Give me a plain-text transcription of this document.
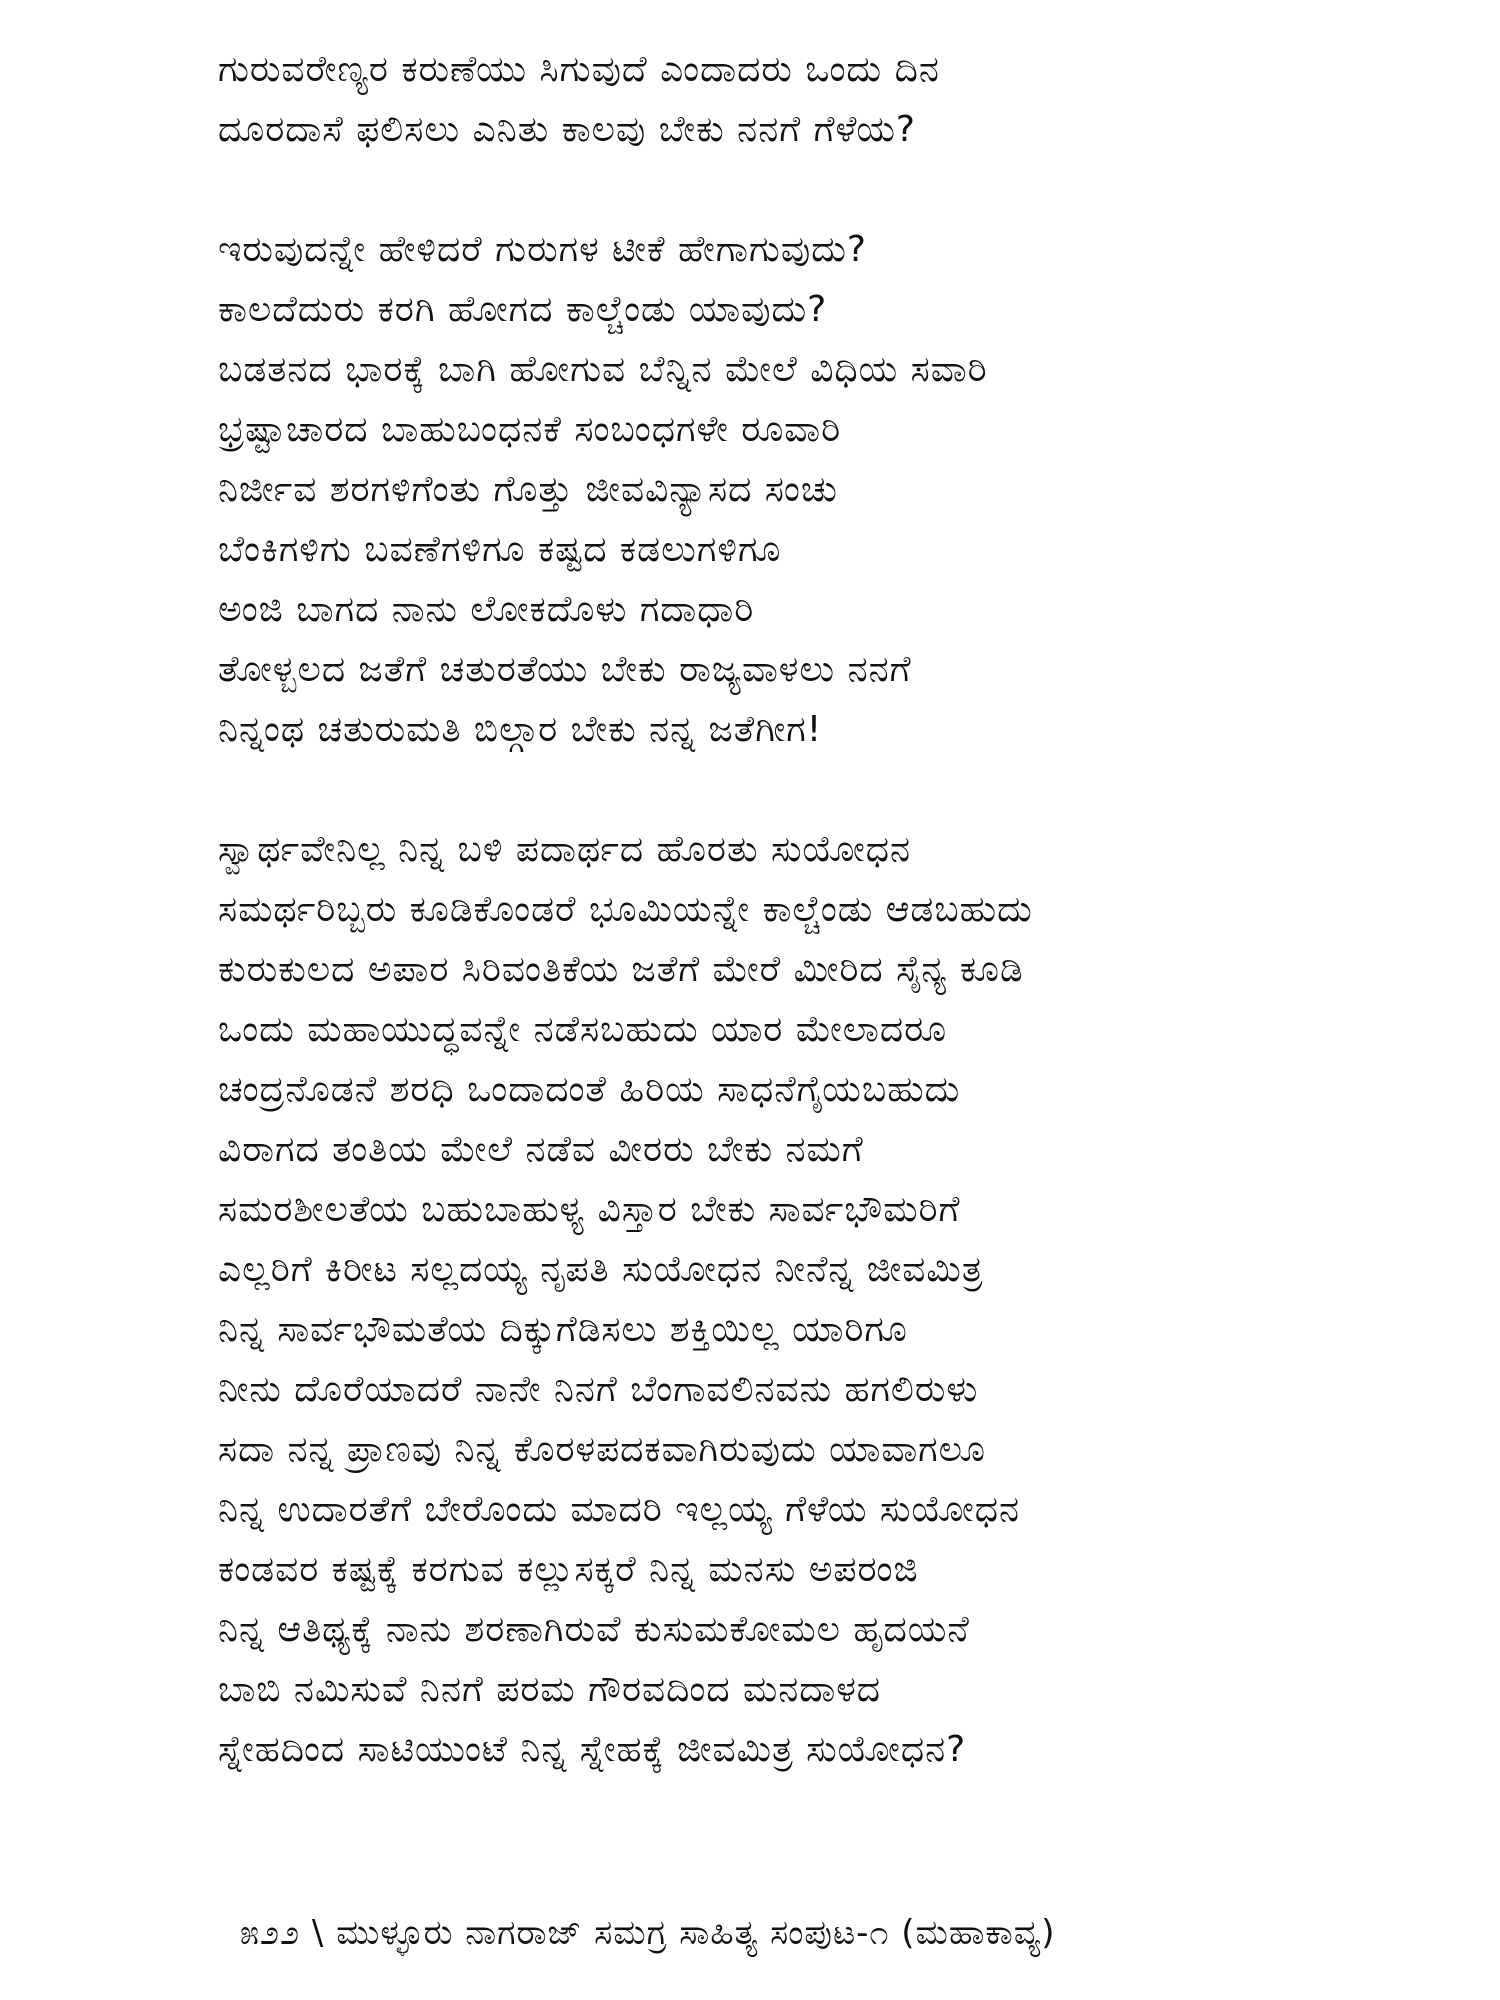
ಗುರುವರೇಣ್ಯರ ಕರುಣೆಯು ಸಿಗುವುದೆ ಎಂದಾದರು ಒಂದು ದಿನ
ದೂರದಾಸೆ ಫಲಿಸಲು ಎನಿತು ಕಾಲವು ಬೇಕು ನನಗೆ ಗೆಳೆಯ?
ಇರುವುದನ್ನೇ ಹೇಳಿದರೆ ಗುರುಗಳ ಟೀಕೆ ಹೇಗಾಗುವುದು?
ಕಾಲದೆದುರು ಕರಗಿ ಹೋಗದ ಕಾಲ್ಚೆಂಡು ಯಾವುದು?
ಬಡತನದ ಭಾರಕ್ಕೆ ಬಾಗಿ ಹೋಗುವ ಬೆನ್ನಿನ ಮೇಲೆ ವಿಧಿಯ ಸವಾರಿ
ಭ್ರಷ್ಟಾಚಾರದ ಬಾಹುಬಂಧನಕೆ ಸಂಬಂಧಗಳೇ ರೂವಾರಿ
ನಿರ್ಜೀವ ಶರಗಳಿಗೆಂತು ಗೊತ್ತು ಜೀವವಿನ್ಯಾಸದ ಸಂಚು
ಬೆಂಕಿಗಳಿಗು ಬವಣೆಗಳಿಗೂ ಕಷ್ಟದ ಕಡಲುಗಳಿಗೂ
ಅಂಜಿ ಬಾಗದ ನಾನು ಲೋಕದೊಳು ಗದಾಧಾರಿ
ತೋಳ್ಬಲದ ಜತೆಗೆ ಚತುರತೆಯು ಬೇಕು ರಾಜ್ಯವಾಳಲು ನನಗೆ
ನಿನ್ನಂಥ ಚತುರುಮತಿ ಬಿಲ್ಗಾರ ಬೇಕು ನನ್ನ ಜತೆಗೀಗ!
ಸ್ವಾರ್ಥವೇನಿಲ್ಲ ನಿನ್ನ ಬಳಿ ಪದಾರ್ಥದ ಹೊರತು ಸುಯೋಧನ
ಸಮರ್ಥರಿಬ್ಬರು ಕೂಡಿಕೊಂಡರೆ ಭೂಮಿಯನ್ನೇ ಕಾಲ್ಚೆಂಡು ಆಡಬಹುದು
ಕುರುಕುಲದ ಅಪಾರ ಸಿರಿವಂತಿಕೆಯ ಜತೆಗೆ ಮೇರೆ ಮೀರಿದ ಸೈನ್ಯ ಕೂಡಿ
ಒಂದು ಮಹಾಯುದ್ಧವನ್ನೇ ನಡೆಸಬಹುದು ಯಾರ ಮೇಲಾದರೂ
ಚಂದ್ರನೊಡನೆ ಶರಧಿ ಒಂದಾದಂತೆ ಹಿರಿಯ ಸಾಧನೆಗೈಯಬಹುದು
ವಿರಾಗದ ತಂತಿಯ ಮೇಲೆ ನಡೆವ ವೀರರು ಬೇಕು ನಮಗೆ
ಸಮರಶೀಲತೆಯ ಬಹುಬಾಹುಳ್ಯ ವಿಸ್ತಾರ ಬೇಕು ಸಾರ್ವಭೌಮರಿಗೆ
ಎಲ್ಲರಿಗೆ ಕಿರೀಟ ಸಲ್ಲದಯ್ಯ ನೃಪತಿ ಸುಯೋಧನ ನೀನೆನ್ನ ಜೀವಮಿತ್ರ
ನಿನ್ನ ಸಾರ್ವಭೌಮತೆಯ ದಿಕ್ಕುಗೆಡಿಸಲು ಶಕ್ತಿಯಿಲ್ಲ ಯಾರಿಗೂ
ನೀನು ದೊರೆಯಾದರೆ ನಾನೇ ನಿನಗೆ ಬೆಂಗಾವಲಿನವನು ಹಗಲಿರುಳು
ಸದಾ ನನ್ನ ಪ್ರಾಣವು ನಿನ್ನ ಕೊರಳಪದಕವಾಗಿರುವುದು ಯಾವಾಗಲೂ
ನಿನ್ನ ಉದಾರತೆಗೆ ಬೇರೊಂದು ಮಾದರಿ ಇಲ್ಲಯ್ಯ ಗೆಳೆಯ ಸುಯೋಧನ
ಕಂಡವರ ಕಷ್ಟಕ್ಕೆ ಕರಗುವ ಕಲ್ಲುಸಕ್ಕರೆ ನಿನ್ನ ಮನಸು ಅಪರಂಜಿ
ನಿನ್ನ ಆತಿಥ್ಯಕ್ಕೆ ನಾನು ಶರಣಾಗಿರುವೆ ಕುಸುಮಕೋಮಲ ಹೃದಯನೆ
ಬಾಬಿ ನಮಿಸುವೆ ನಿನಗೆ ಪರಮ ಗೌರವದಿಂದ ಮನದಾಳದ
ಸ್ನೇಹದಿಂದ ಸಾಟಿಯುಂಟೆ ನಿನ್ನ ಸ್ನೇಹಕ್ಕೆ ಜೀವಮಿತ್ರ ಸುಯೋಧನ?
೫೨೨ \ ಮುಳ್ಳೂರು ನಾಗರಾಜ್ ಸಮಗ್ರ ಸಾಹಿತ್ಯ ಸಂಪುಟ-೧ (ಮಹಾಕಾವ್ಯ)
